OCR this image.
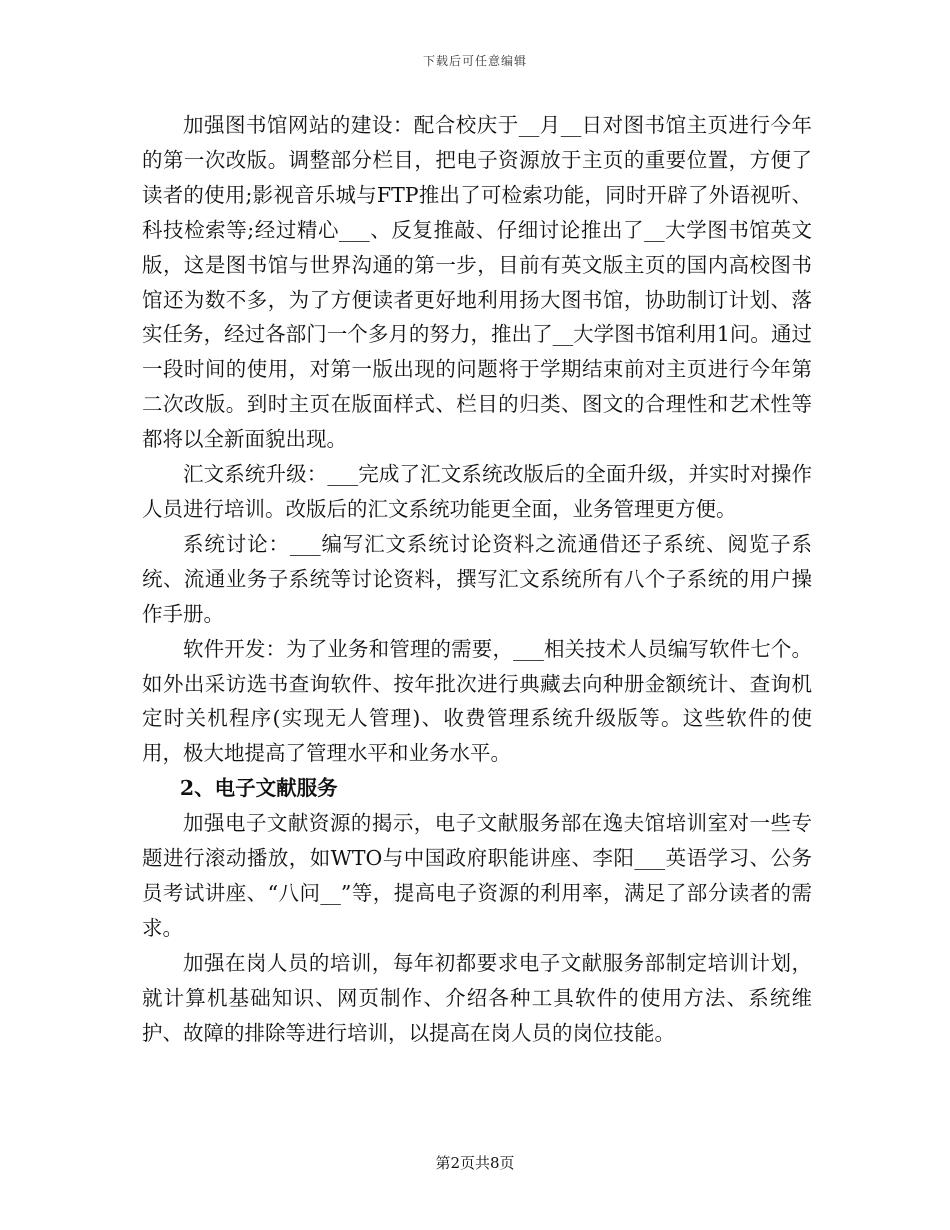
下载后可任意编辑

加强图书馆网站的建设：配合校庆于__月__日对图书馆主页进行今年的第一次改版。调整部分栏目，把电子资源放于主页的重要位置，方便了读者的使用;影视音乐城与FTP推出了可检索功能，同时开辟了外语视听、科技检索等;经过精心___、反复推敲、仔细讨论推出了__大学图书馆英文版，这是图书馆与世界沟通的第一步，目前有英文版主页的国内高校图书馆还为数不多，为了方便读者更好地利用扬大图书馆，协助制订计划、落实任务，经过各部门一个多月的努力，推出了__大学图书馆利用1问。通过一段时间的使用，对第一版出现的问题将于学期结束前对主页进行今年第二次改版。到时主页在版面样式、栏目的归类、图文的合理性和艺术性等都将以全新面貌出现。

汇文系统升级：___完成了汇文系统改版后的全面升级，并实时对操作人员进行培训。改版后的汇文系统功能更全面，业务管理更方便。

系统讨论：___编写汇文系统讨论资料之流通借还子系统、阅览子系统、流通业务子系统等讨论资料，撰写汇文系统所有八个子系统的用户操作手册。

软件开发：为了业务和管理的需要，___相关技术人员编写软件七个。如外出采访选书查询软件、按年批次进行典藏去向种册金额统计、查询机定时关机程序(实现无人管理)、收费管理系统升级版等。这些软件的使用，极大地提高了管理水平和业务水平。

2、电子文献服务

加强电子文献资源的揭示，电子文献服务部在逸夫馆培训室对一些专题进行滚动播放，如WTO与中国政府职能讲座、李阳___英语学习、公务员考试讲座、“八问__”等，提高电子资源的利用率，满足了部分读者的需求。

加强在岗人员的培训，每年初都要求电子文献服务部制定培训计划，就计算机基础知识、网页制作、介绍各种工具软件的使用方法、系统维护、故障的排除等进行培训，以提高在岗人员的岗位技能。

第2页共8页
